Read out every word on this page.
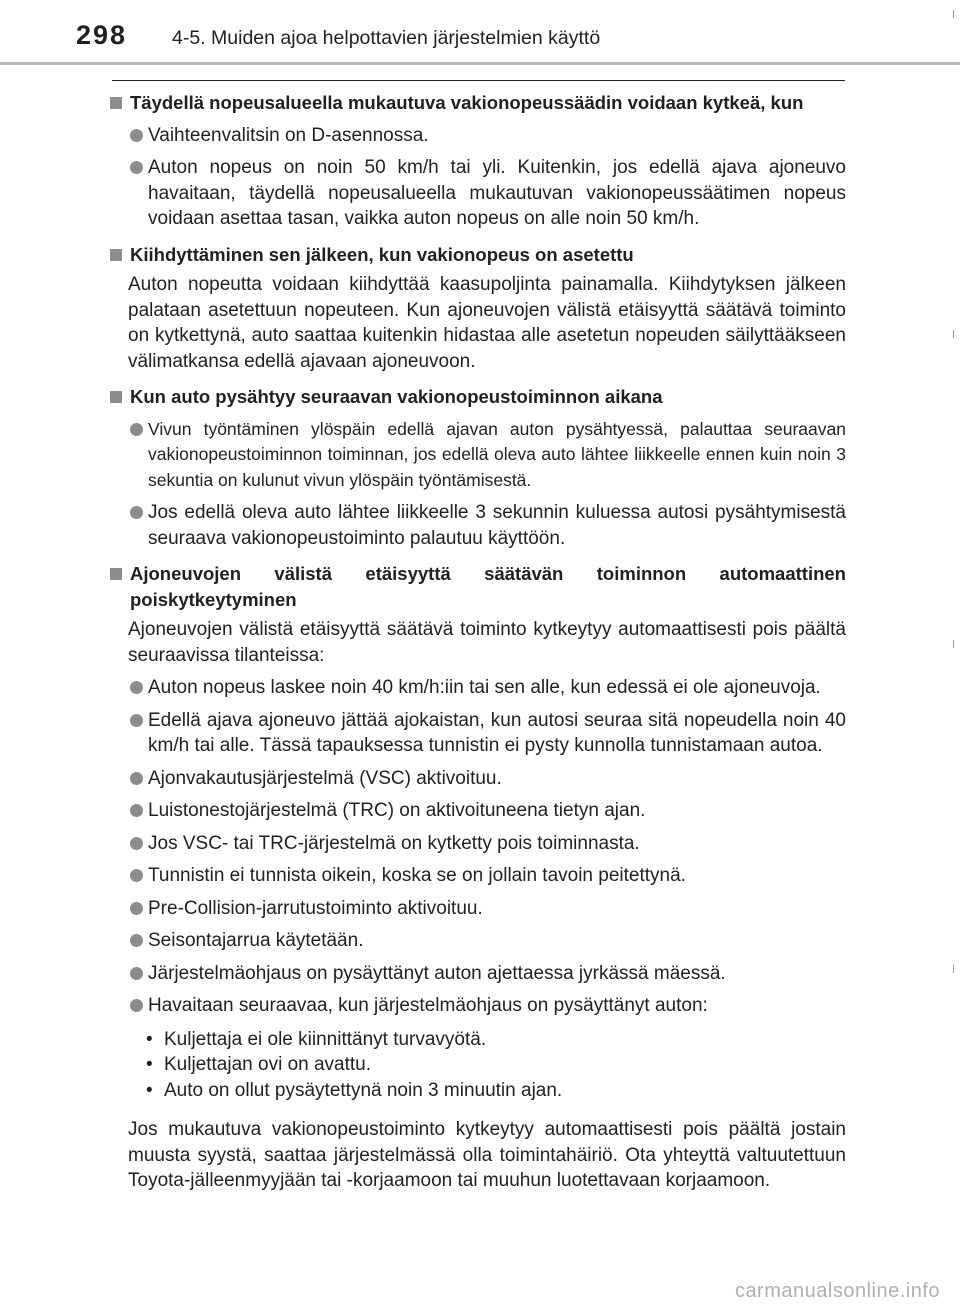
298 4-5. Muiden ajoa helpottavien järjestelmien käyttö
Täydellä nopeusalueella mukautuva vakionopeussäädin voidaan kytkeä, kun
Vaihteenvalitsin on D-asennossa.
Auton nopeus on noin 50 km/h tai yli. Kuitenkin, jos edellä ajava ajoneuvo havaitaan, täydellä nopeusalueella mukautuvan vakionopeussäätimen nopeus voidaan asettaa tasan, vaikka auton nopeus on alle noin 50 km/h.
Kiihdyttäminen sen jälkeen, kun vakionopeus on asetettu
Auton nopeutta voidaan kiihdyttää kaasupoljinta painamalla. Kiihdytyksen jälkeen palataan asetettuun nopeuteen. Kun ajoneuvojen välistä etäisyyttä säätävä toiminto on kytkettynä, auto saattaa kuitenkin hidastaa alle asetetun nopeuden säilyttääkseen välimatkansa edellä ajavaan ajoneuvoon.
Kun auto pysähtyy seuraavan vakionopeustoiminnon aikana
Vivun työntäminen ylöspäin edellä ajavan auton pysähtyessä, palauttaa seuraavan vakionopeustoiminnon toiminnan, jos edellä oleva auto lähtee liikkeelle ennen kuin noin 3 sekuntia on kulunut vivun ylöspäin työntämisestä.
Jos edellä oleva auto lähtee liikkeelle 3 sekunnin kuluessa autosi pysähtymisestä seuraava vakionopeustoiminto palautuu käyttöön.
Ajoneuvojen välistä etäisyyttä säätävän toiminnon automaattinen poiskytkeytyminen
Ajoneuvojen välistä etäisyyttä säätävä toiminto kytkeytyy automaattisesti pois päältä seuraavissa tilanteissa:
Auton nopeus laskee noin 40 km/h:iin tai sen alle, kun edessä ei ole ajoneuvoja.
Edellä ajava ajoneuvo jättää ajokaistan, kun autosi seuraa sitä nopeudella noin 40 km/h tai alle. Tässä tapauksessa tunnistin ei pysty kunnolla tunnistamaan autoa.
Ajonvakautusjärjestelmä (VSC) aktivoituu.
Luistonestojärjestelmä (TRC) on aktivoituneena tietyn ajan.
Jos VSC- tai TRC-järjestelmä on kytketty pois toiminnasta.
Tunnistin ei tunnista oikein, koska se on jollain tavoin peitettynä.
Pre-Collision-jarrutustoiminto aktivoituu.
Seisontajarrua käytetään.
Järjestelmäohjaus on pysäyttänyt auton ajettaessa jyrkässä mäessä.
Havaitaan seuraavaa, kun järjestelmäohjaus on pysäyttänyt auton:
• Kuljettaja ei ole kiinnittänyt turvavyötä.
• Kuljettajan ovi on avattu.
• Auto on ollut pysäytettynä noin 3 minuutin ajan.
Jos mukautuva vakionopeustoiminto kytkeytyy automaattisesti pois päältä jostain muusta syystä, saattaa järjestelmässä olla toimintahäiriö. Ota yhteyttä valtuutettuun Toyota-jälleenmyyjään tai -korjaamoon tai muuhun luotettavaan korjaamoon.
carmanualsonline.info
